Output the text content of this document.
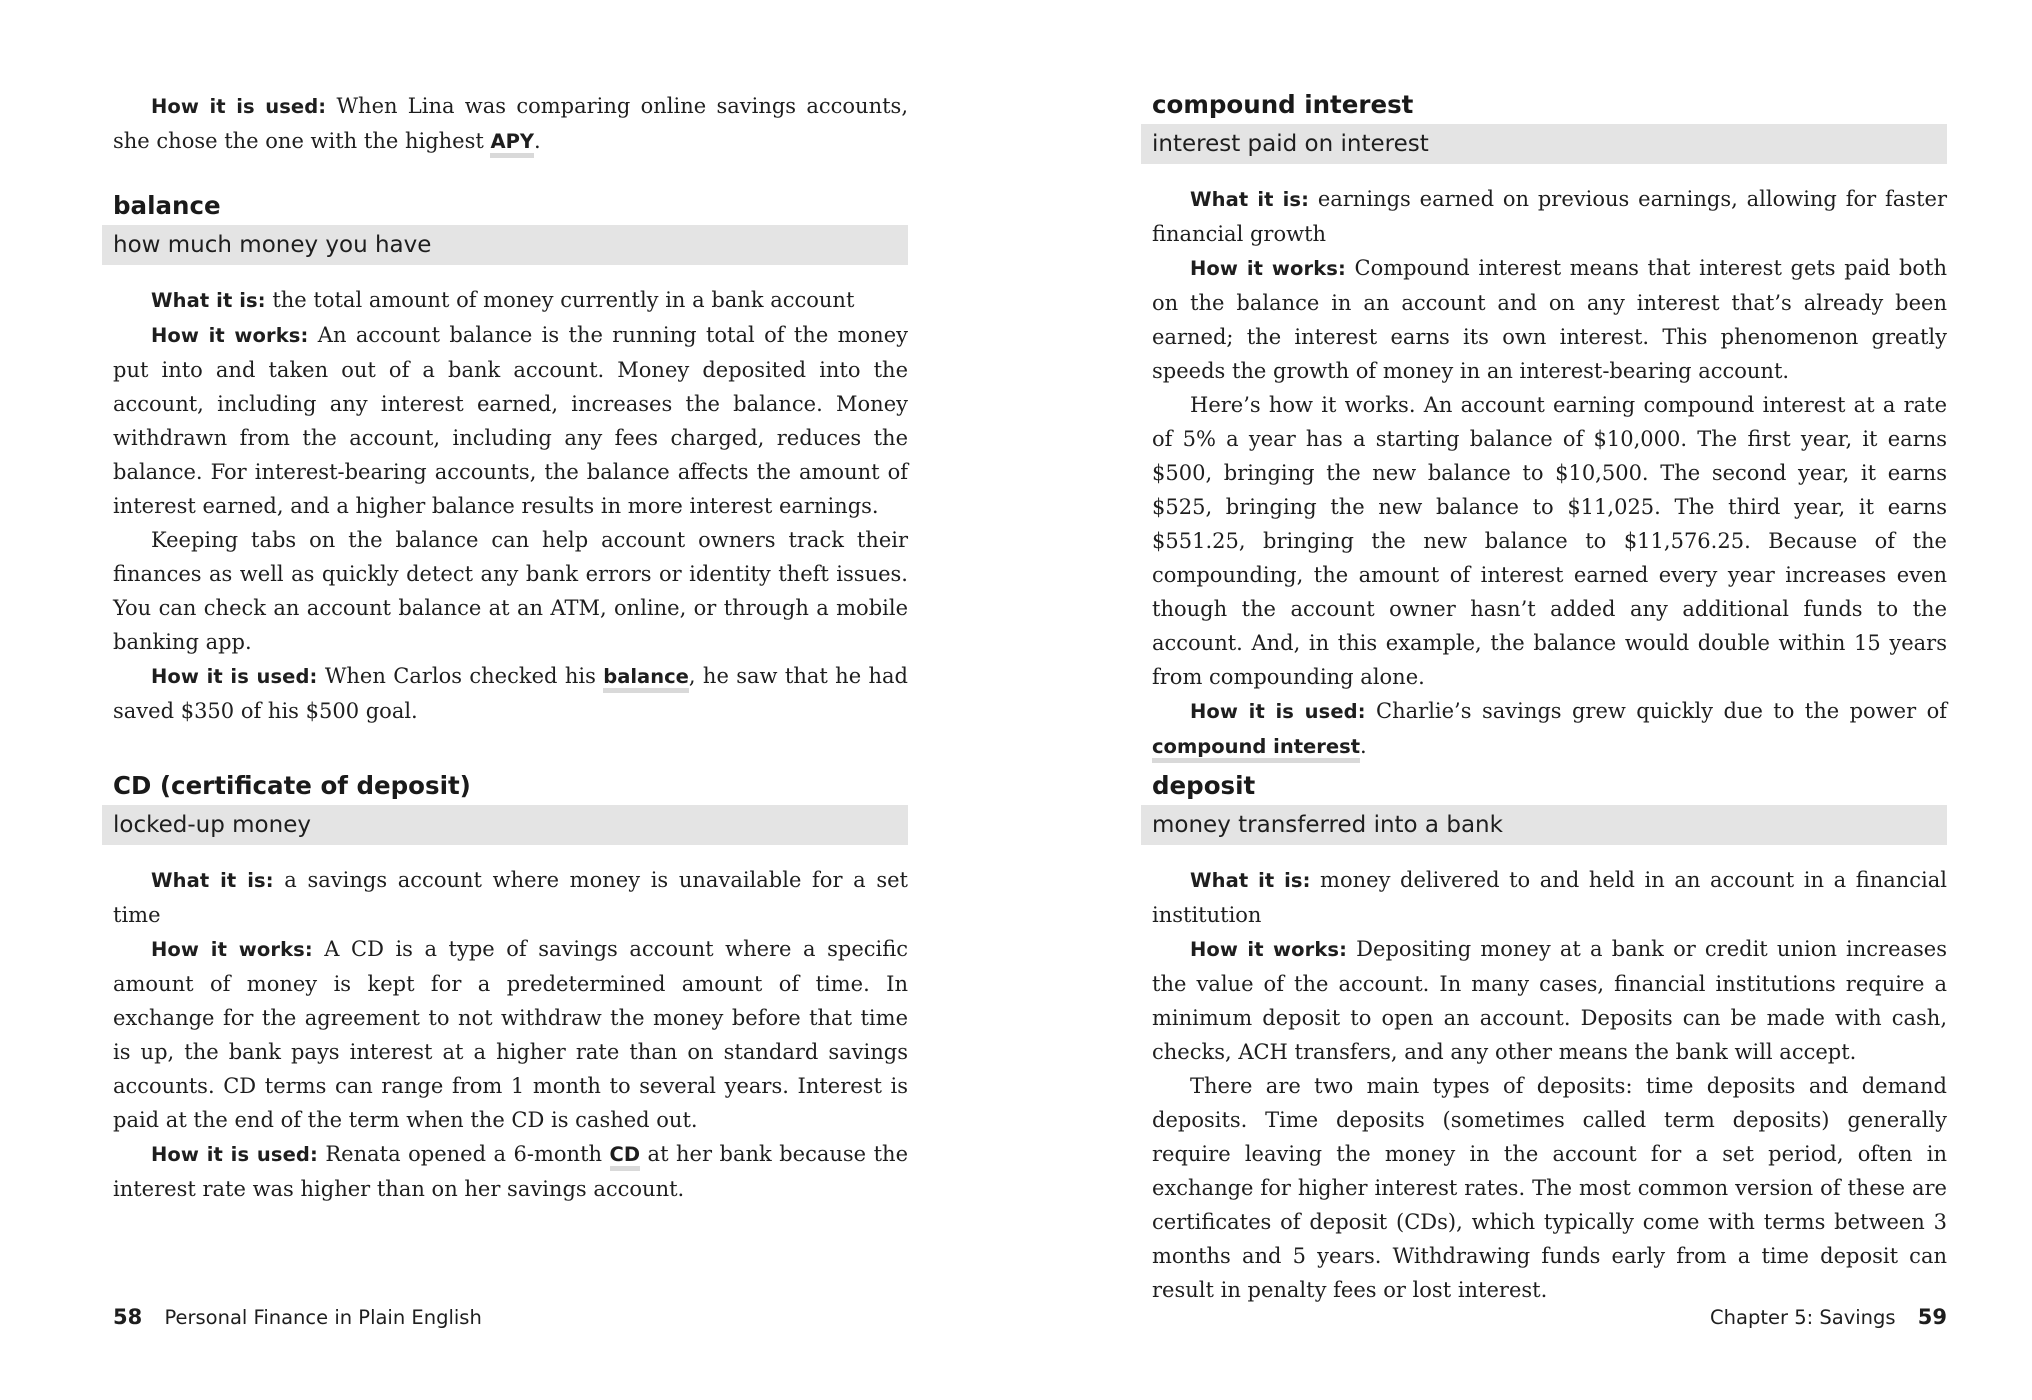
How it is used: When Lina was comparing online savings accounts, she chose the one with the highest APY.

balance
how much money you have

What it is: the total amount of money currently in a bank account

How it works: An account balance is the running total of the money put into and taken out of a bank account. Money deposited into the account, including any interest earned, increases the balance. Money withdrawn from the account, including any fees charged, reduces the balance. For interest-bearing accounts, the balance affects the amount of interest earned, and a higher balance results in more interest earnings.

Keeping tabs on the balance can help account owners track their finances as well as quickly detect any bank errors or identity theft issues. You can check an account balance at an ATM, online, or through a mobile banking app.

How it is used: When Carlos checked his balance, he saw that he had saved $350 of his $500 goal.

CD (certificate of deposit)
locked-up money

What it is: a savings account where money is unavailable for a set time

How it works: A CD is a type of savings account where a specific amount of money is kept for a predetermined amount of time. In exchange for the agreement to not withdraw the money before that time is up, the bank pays interest at a higher rate than on standard savings accounts. CD terms can range from 1 month to several years. Interest is paid at the end of the term when the CD is cashed out.

How it is used: Renata opened a 6-month CD at her bank because the interest rate was higher than on her savings account.

58 Personal Finance in Plain English
compound interest
interest paid on interest

What it is: earnings earned on previous earnings, allowing for faster financial growth

How it works: Compound interest means that interest gets paid both on the balance in an account and on any interest that’s already been earned; the interest earns its own interest. This phenomenon greatly speeds the growth of money in an interest-bearing account.

Here’s how it works. An account earning compound interest at a rate of 5% a year has a starting balance of $10,000. The first year, it earns $500, bringing the new balance to $10,500. The second year, it earns $525, bringing the new balance to $11,025. The third year, it earns $551.25, bringing the new balance to $11,576.25. Because of the compounding, the amount of interest earned every year increases even though the account owner hasn’t added any additional funds to the account. And, in this example, the balance would double within 15 years from compounding alone.

How it is used: Charlie’s savings grew quickly due to the power of compound interest.

deposit
money transferred into a bank

What it is: money delivered to and held in an account in a financial institution

How it works: Depositing money at a bank or credit union increases the value of the account. In many cases, financial institutions require a minimum deposit to open an account. Deposits can be made with cash, checks, ACH transfers, and any other means the bank will accept.

There are two main types of deposits: time deposits and demand deposits. Time deposits (sometimes called term deposits) generally require leaving the money in the account for a set period, often in exchange for higher interest rates. The most common version of these are certificates of deposit (CDs), which typically come with terms between 3 months and 5 years. Withdrawing funds early from a time deposit can result in penalty fees or lost interest.

Chapter 5: Savings 59
